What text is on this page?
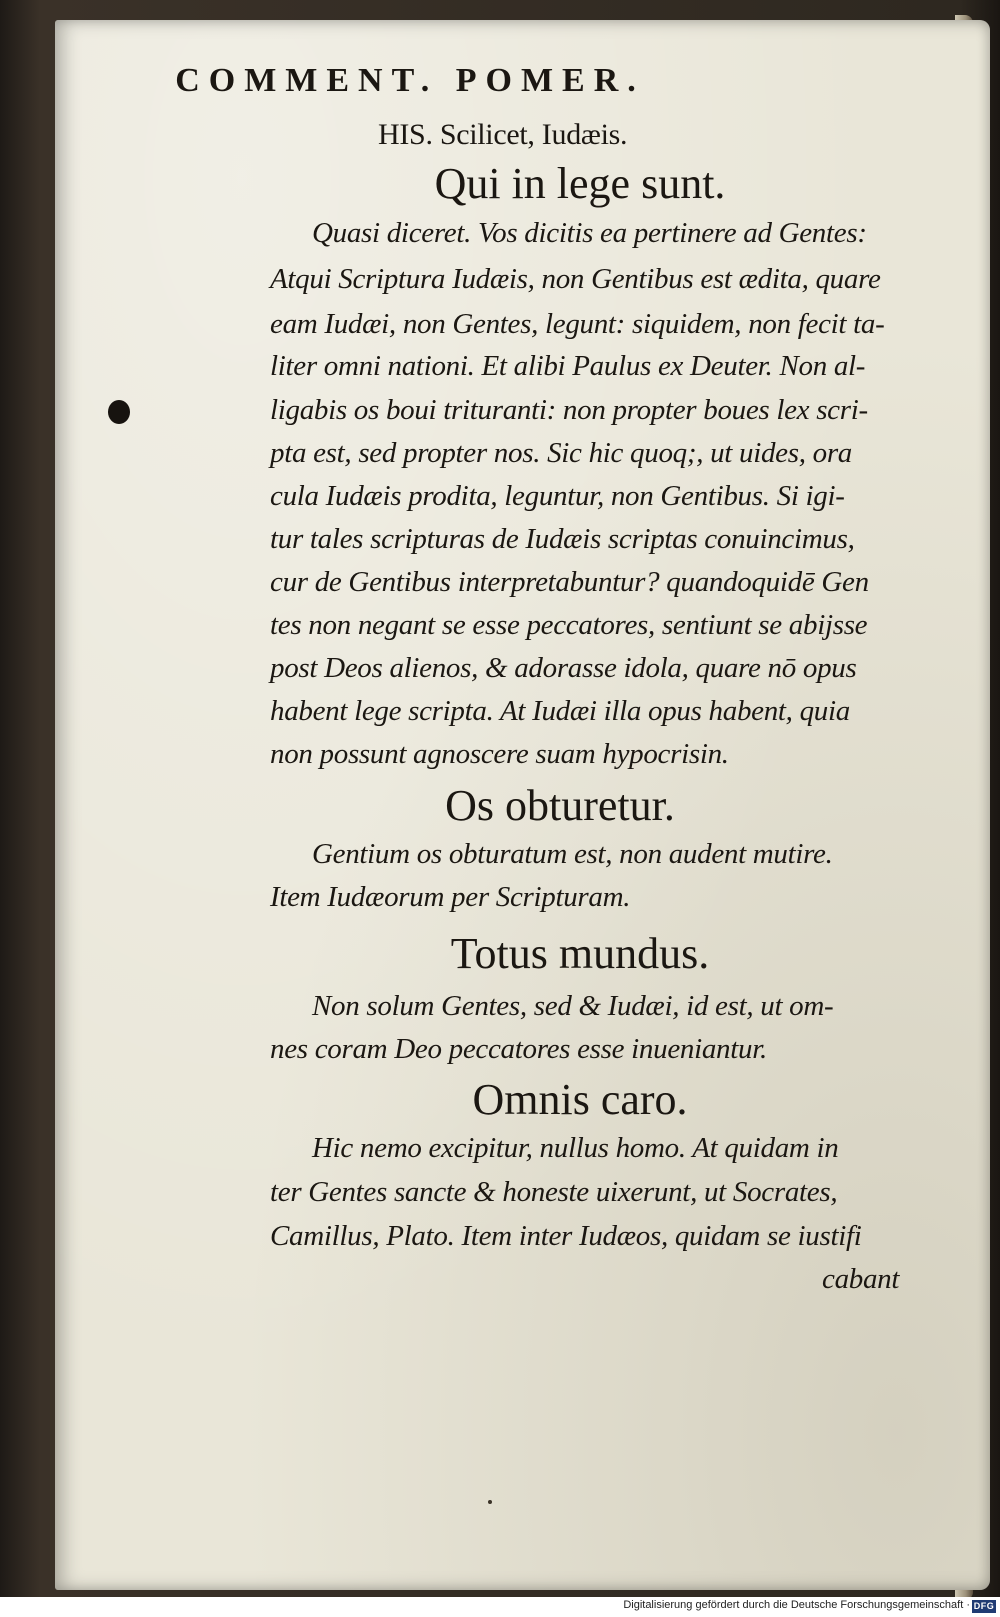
COMMENT. POMER.
HIS. Scilicet, Iudæis.
Qui in lege sunt.
Quasi diceret. Vos dicitis ea pertinere ad Gentes:
Atqui Scriptura Iudæis, non Gentibus est ædita, quare
eam Iudæi, non Gentes, legunt: siquidem, non fecit ta-
liter omni nationi. Et alibi Paulus ex Deuter. Non al-
ligabis os boui trituranti: non propter boues lex scri-
pta est, sed propter nos. Sic hic quoq;, ut uides, ora
cula Iudæis prodita, leguntur, non Gentibus. Si igi-
tur tales scripturas de Iudæis scriptas conuincimus,
cur de Gentibus interpretabuntur? quandoquidē Gen
tes non negant se esse peccatores, sentiunt se abijsse
post Deos alienos, & adorasse idola, quare nō opus
habent lege scripta. At Iudæi illa opus habent, quia
non possunt agnoscere suam hypocrisin.
Os obturetur.
Gentium os obturatum est, non audent mutire.
Item Iudæorum per Scripturam.
Totus mundus.
Non solum Gentes, sed & Iudæi, id est, ut om-
nes coram Deo peccatores esse inueniantur.
Omnis caro.
Hic nemo excipitur, nullus homo. At quidam in
ter Gentes sancte & honeste uixerunt, ut Socrates,
Camillus, Plato. Item inter Iudæos, quidam se iustifi
cabant
Digitalisierung gefördert durch die Deutsche Forschungsgemeinschaft · DFG
